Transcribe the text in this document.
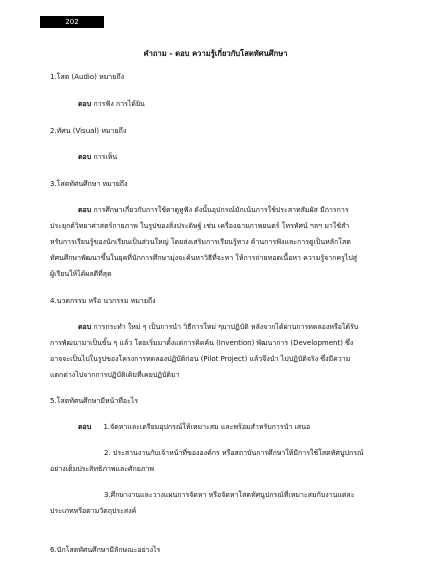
202
คำถาม - ตอบ ความรู้เกี่ยวกับโสตทัศนศึกษา
1.โสต (Audio) หมายถึง
ตอบ การฟัง การได้ยิน
2.ทัศน (Visual) หมายถึง
ตอบ การเห็น
3.โสตทัศนศึกษา หมายถึง
ตอบ การศึกษาเกี่ยวกับการใช้ตาดูหูฟัง ดังนั้นอุปกรณ์มักเน้นการใช้ประสาทสัมผัส มีการการ
ประยุกต์วิทยาศาสตร์กายภาพ ในรูปของสิ่งประดิษฐ์ เช่น เครื่องฉายภาพยนตร์ โทรทัศน์ ฯลฯ มาใช้สำ
หรับการเรียนรู้ของนักเรียนเป็นส่วนใหญ่ โดยส่งเสริมการเรียนรู้ทาง ด้านการฟังและการดูเป็นหลักโสต
ทัศนศึกษาพัฒนาขึ้นในยุคที่นักการศึกษามุ่งจะค้นหาวิธีที่จะหา ให้การถ่ายทอดเนื้อหา ความรู้จากครูไปสู่
ผู้เรียนให้ได้ผลดีที่สุด
4.นวตกรรม หรือ นวกรรม หมายถึง
ตอบ การกระทำ ใหม่ ๆ เป็นการนำ วิธีการใหม่ ๆมาปฏิบัติ หลังจากได้ผ่านการทดลองหรือได้รับ
การพัฒนามาเป็นขั้น ๆ แล้ว โดยเริ่มมาตั้งแต่การคิดค้น (Invention) พัฒนาการ (Development) ซึ่ง
อาจจะเป็นไปในรูปของโครงการทดลองปฏิบัติก่อน (Pilot Project) แล้วจึงนำ ไปปฏิบัติจริง ซึ่งมีความ
แตกต่างไปจากการปฏิบัติเดิมที่เคยปฏิบัติมา
5.โสตทัศนศึกษามีหน้าที่อะไร
ตอบ 1.จัดหาและเตรียมอุปกรณ์ให้เหมาะสม และพร้อมสำหรับการนำ เสนอ
2. ประสานงานกับเจ้าหน้าที่ขององค์กร หรือสถาบันการศึกษาให้มีการใช้โสตทัศนูปกรณ์
อย่างเต็มประสิทธิภาพและศักยภาพ
3.ศึกษางานและวางแผนการจัดหา หรือจัดหาโสตทัศนูปกรณ์ที่เหมาะสมกับงานแต่ละ
ประเภทหรือตามวัตถุประสงค์
6.นักโสตทัศนศึกษามีลักษณะอย่างไร
